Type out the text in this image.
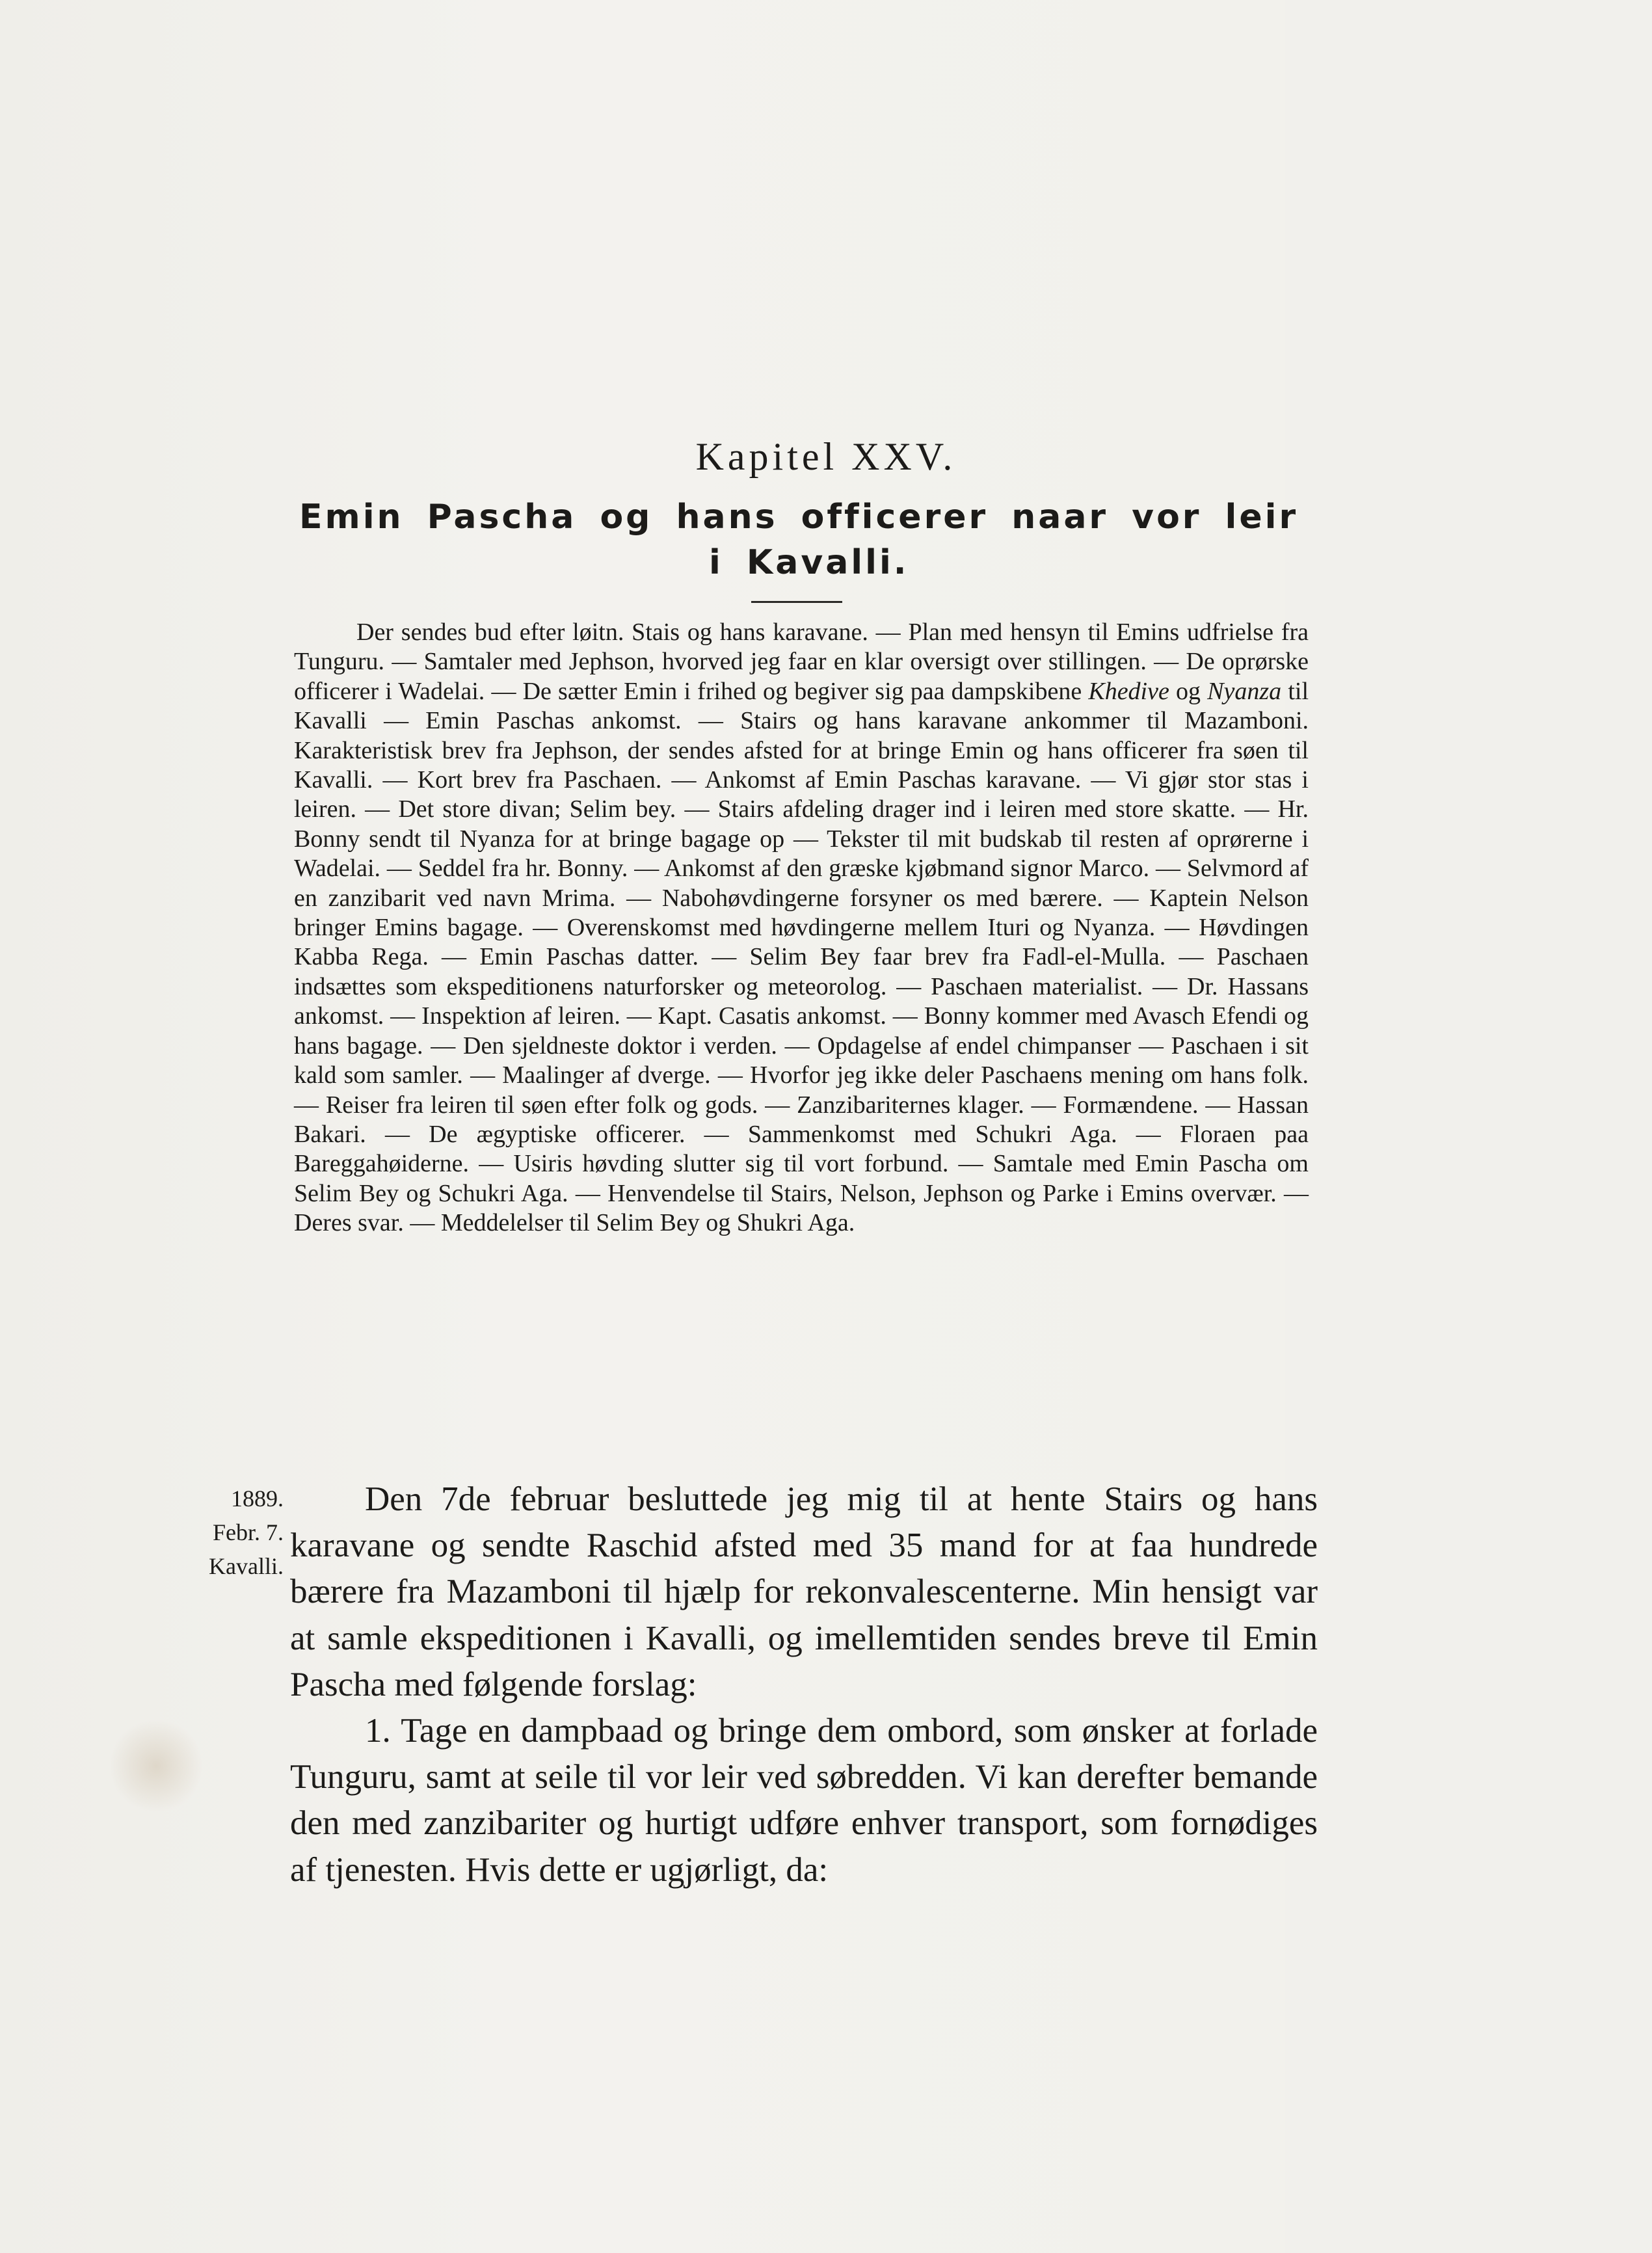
Kapitel XXV.
Emin Pascha og hans officerer naar vor leir
i Kavalli.

Der sendes bud efter løitn. Stais og hans karavane. — Plan med hensyn til Emins udfrielse fra Tunguru. — Samtaler med Jephson, hvorved jeg faar en klar oversigt over stillingen. — De oprørske officerer i Wadelai. — De sætter Emin i frihed og begiver sig paa dampskibene Khedive og Nyanza til Kavalli — Emin Paschas ankomst. — Stairs og hans karavane ankommer til Mazamboni. Karakteristisk brev fra Jephson, der sendes afsted for at bringe Emin og hans officerer fra søen til Kavalli. — Kort brev fra Paschaen. — Ankomst af Emin Paschas karavane. — Vi gjør stor stas i leiren. — Det store divan; Selim bey. — Stairs afdeling drager ind i leiren med store skatte. — Hr. Bonny sendt til Nyanza for at bringe bagage op — Tekster til mit budskab til resten af oprørerne i Wadelai. — Seddel fra hr. Bonny. — Ankomst af den græske kjøbmand signor Marco. — Selvmord af en zanzibarit ved navn Mrima. — Nabohøvdingerne forsyner os med bærere. — Kaptein Nelson bringer Emins bagage. — Overenskomst med høvdingerne mellem Ituri og Nyanza. — Høvdingen Kabba Rega. — Emin Paschas datter. — Selim Bey faar brev fra Fadl-el-Mulla. — Paschaen indsættes som ekspeditionens naturforsker og meteorolog. — Paschaen materialist. — Dr. Hassans ankomst. — Inspektion af leiren. — Kapt. Casatis ankomst. — Bonny kommer med Avasch Efendi og hans bagage. — Den sjeldneste doktor i verden. — Opdagelse af endel chimpanser — Paschaen i sit kald som samler. — Maalinger af dverge. — Hvorfor jeg ikke deler Paschaens mening om hans folk. — Reiser fra leiren til søen efter folk og gods. — Zanzibariternes klager. — Formændene. — Hassan Bakari. — De ægyptiske officerer. — Sammenkomst med Schukri Aga. — Floraen paa Bareggahøiderne. — Usiris høvding slutter sig til vort forbund. — Samtale med Emin Pascha om Selim Bey og Schukri Aga. — Henvendelse til Stairs, Nelson, Jephson og Parke i Emins overvær. — Deres svar. — Meddelelser til Selim Bey og Shukri Aga.

1889.
Febr. 7.
Kavalli.

Den 7de februar besluttede jeg mig til at hente Stairs og hans karavane og sendte Raschid afsted med 35 mand for at faa hundrede bærere fra Mazamboni til hjælp for rekonvalescenterne. Min hensigt var at samle ekspeditionen i Kavalli, og imellemtiden sendes breve til Emin Pascha med følgende forslag:

1. Tage en dampbaad og bringe dem ombord, som ønsker at forlade Tunguru, samt at seile til vor leir ved søbredden. Vi kan derefter bemande den med zanzibariter og hurtigt udføre enhver transport, som fornødiges af tjenesten. Hvis dette er ugjørligt, da:
